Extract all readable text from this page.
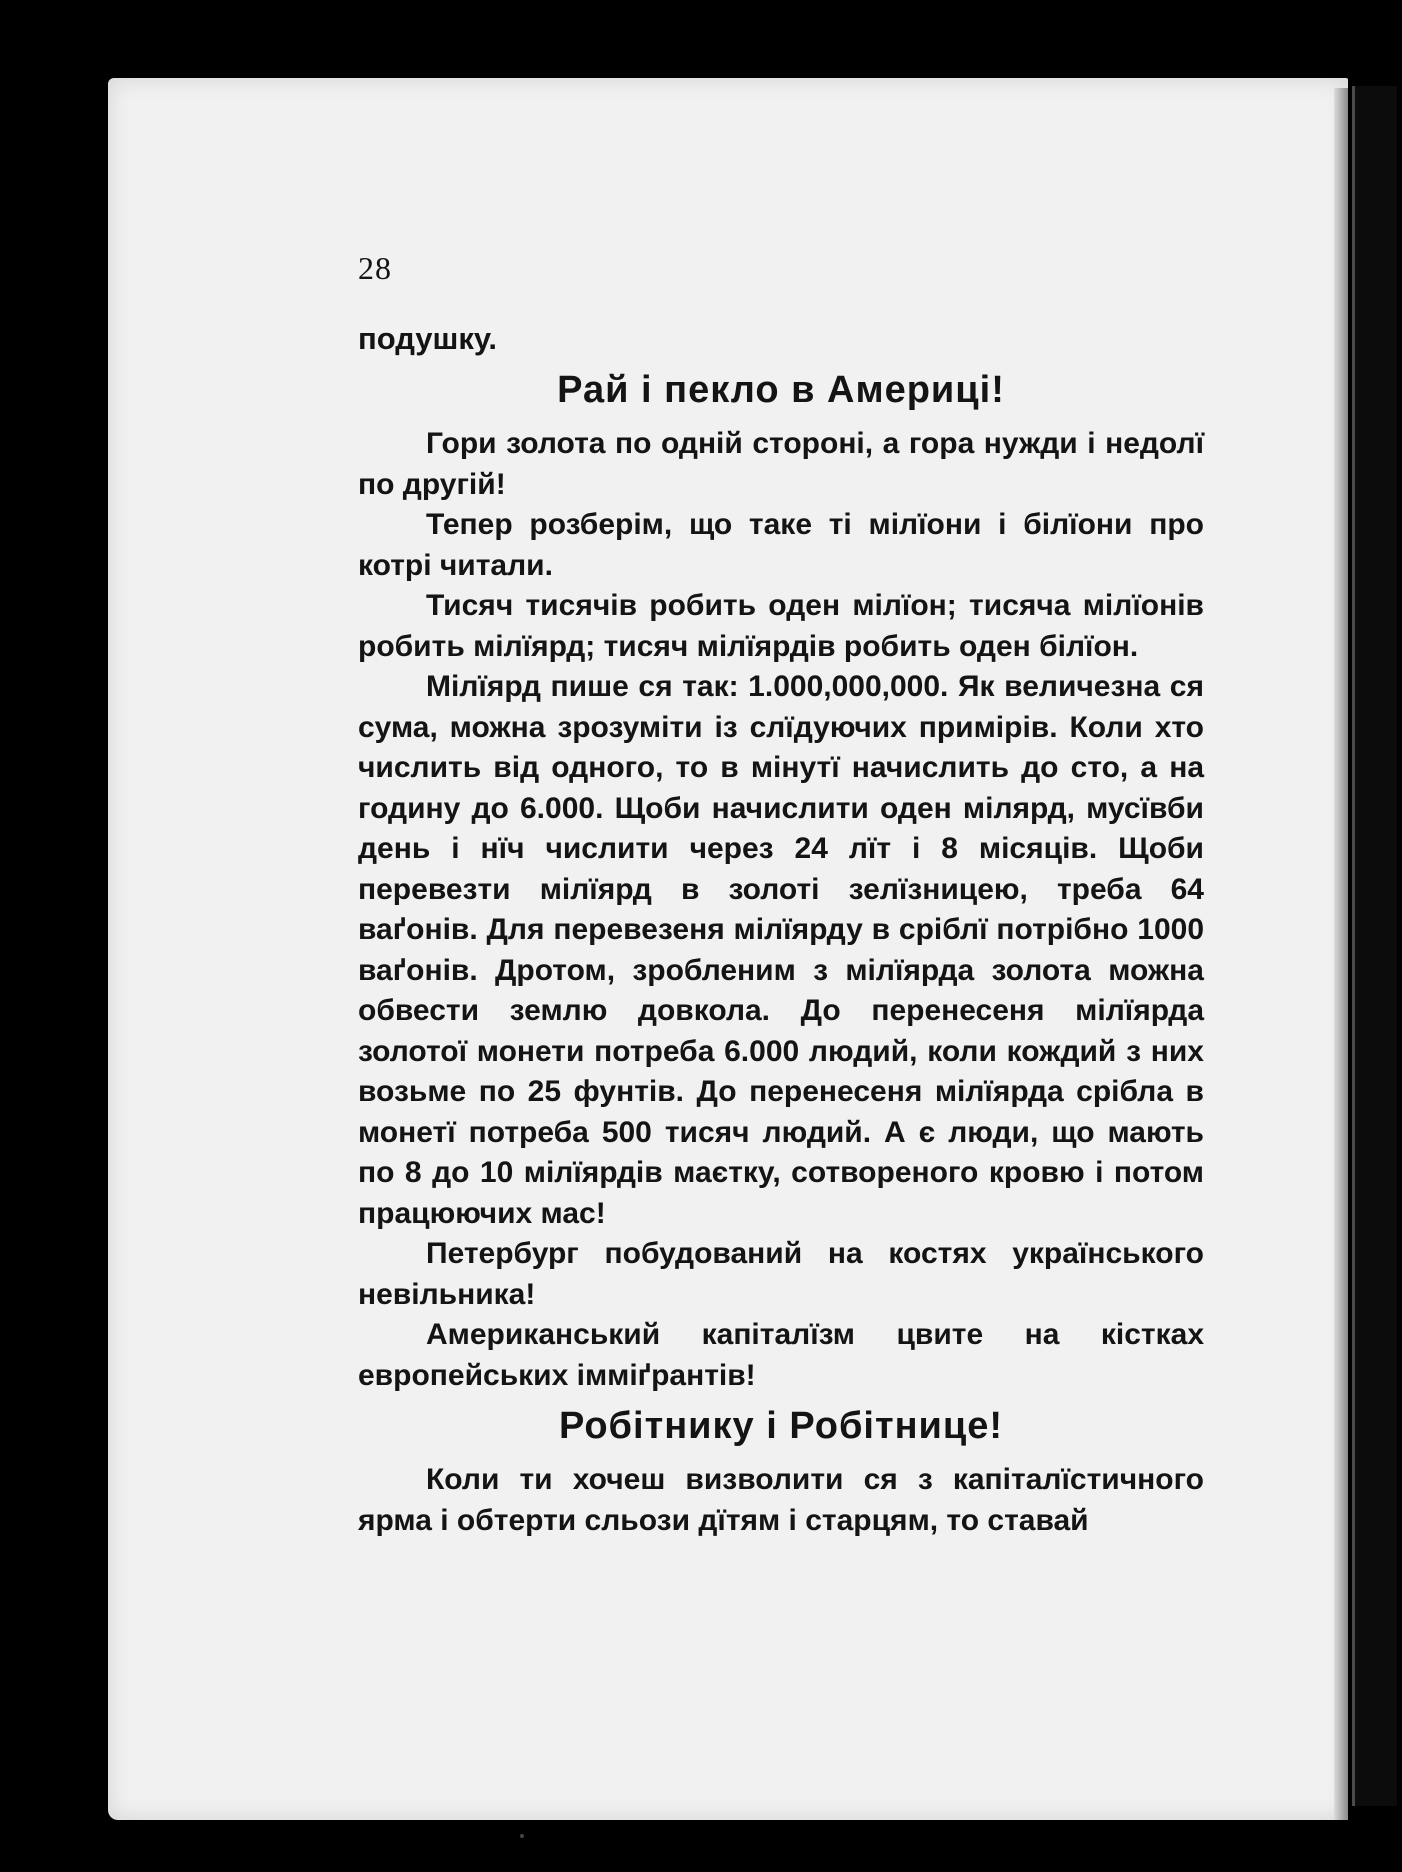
28
подушку.
Рай і пекло в Америці!

Гори золота по одній стороні, а гора нужди і недолї по другій!

Тепер розберім, що таке ті мілїони і білїони про котрі читали.

Тисяч тисячів робить оден мілїон; тисяча мілїонів робить мілїярд; тисяч мілїярдів робить оден білїон.

Мілїярд пише ся так: 1.000,000,000. Як величезна ся сума, можна зрозуміти із слїдуючих примірів. Коли хто числить від одного, то в мінутї начислить до сто, а на годину до 6.000. Щоби начислити оден мілярд, мусївби день і нїч числити через 24 лїт і 8 місяців. Щоби перевезти мілїярд в золоті зелїзницею, треба 64 ваґонів. Для перевезеня мілїярду в сріблї потрібно 1000 ваґонів. Дротом, зробленим з мілїярда золота можна обвести землю довкола. До перенесеня мілїярда золотої монети потреба 6.000 людий, коли кождий з них возьме по 25 фунтів. До перенесеня мілїярда срібла в монетї потреба 500 тисяч людий. А є люди, що мають по 8 до 10 мілїярдів маєтку, сотвореного кровю і потом працюючих мас!

Петербург побудований на костях українського невільника!

Американський капіталїзм цвите на кістках европейських імміґрантів!

Робітнику і Робітнице!

Коли ти хочеш визволити ся з капіталїстичного ярма і обтерти сльози дїтям і старцям, то ставай
